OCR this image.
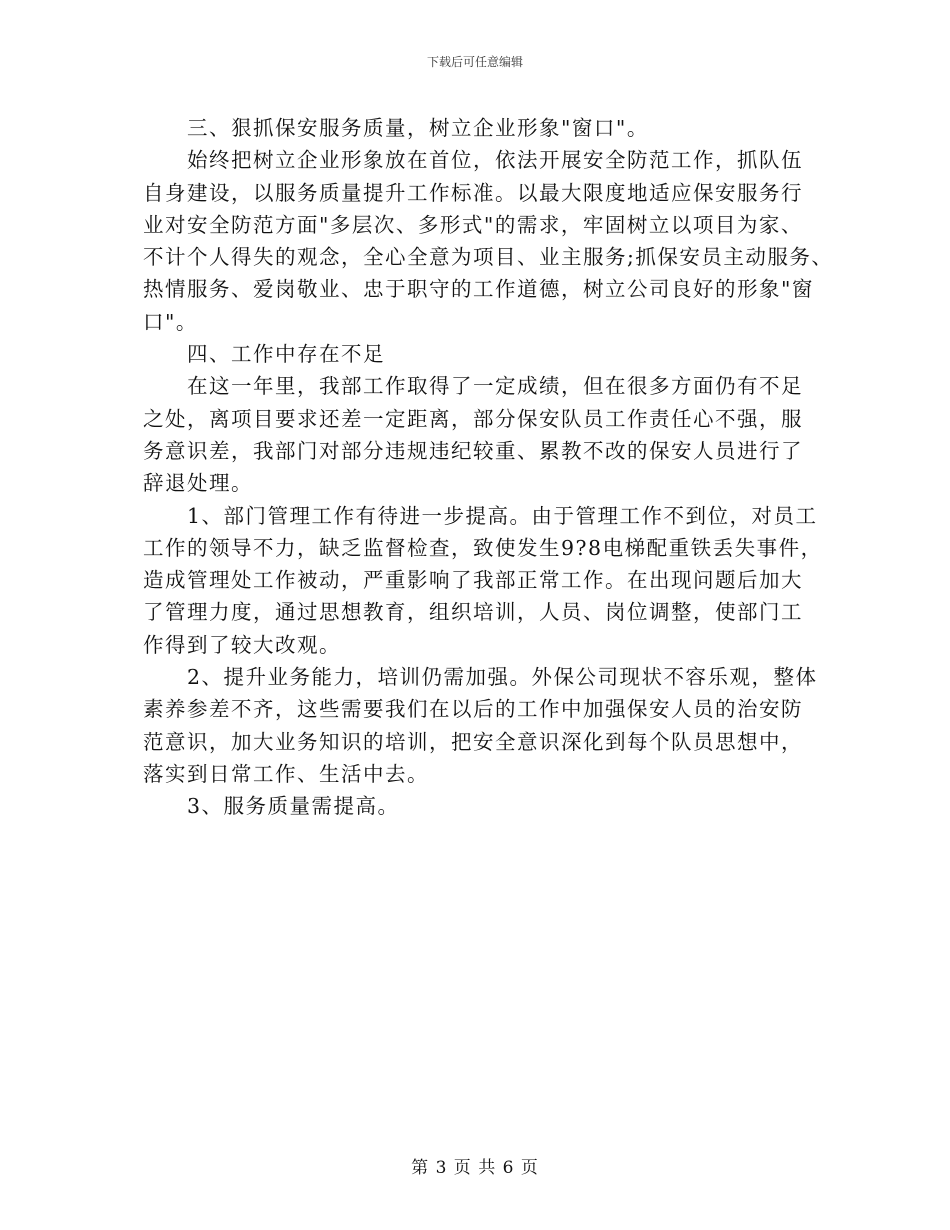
下载后可任意编辑
三、狠抓保安服务质量，树立企业形象"窗口"。
始终把树立企业形象放在首位，依法开展安全防范工作，抓队伍
自身建设，以服务质量提升工作标准。以最大限度地适应保安服务行
业对安全防范方面"多层次、多形式"的需求，牢固树立以项目为家、
不计个人得失的观念，全心全意为项目、业主服务;抓保安员主动服务、
热情服务、爱岗敬业、忠于职守的工作道德，树立公司良好的形象"窗
口"。
四、工作中存在不足
在这一年里，我部工作取得了一定成绩，但在很多方面仍有不足
之处，离项目要求还差一定距离，部分保安队员工作责任心不强，服
务意识差，我部门对部分违规违纪较重、累教不改的保安人员进行了
辞退处理。
1、部门管理工作有待进一步提高。由于管理工作不到位，对员工
工作的领导不力，缺乏监督检查，致使发生9?8电梯配重铁丢失事件，
造成管理处工作被动，严重影响了我部正常工作。在出现问题后加大
了管理力度，通过思想教育，组织培训，人员、岗位调整，使部门工
作得到了较大改观。
2、提升业务能力，培训仍需加强。外保公司现状不容乐观，整体
素养参差不齐，这些需要我们在以后的工作中加强保安人员的治安防
范意识，加大业务知识的培训，把安全意识深化到每个队员思想中，
落实到日常工作、生活中去。
3、服务质量需提高。
第 3 页 共 6 页
